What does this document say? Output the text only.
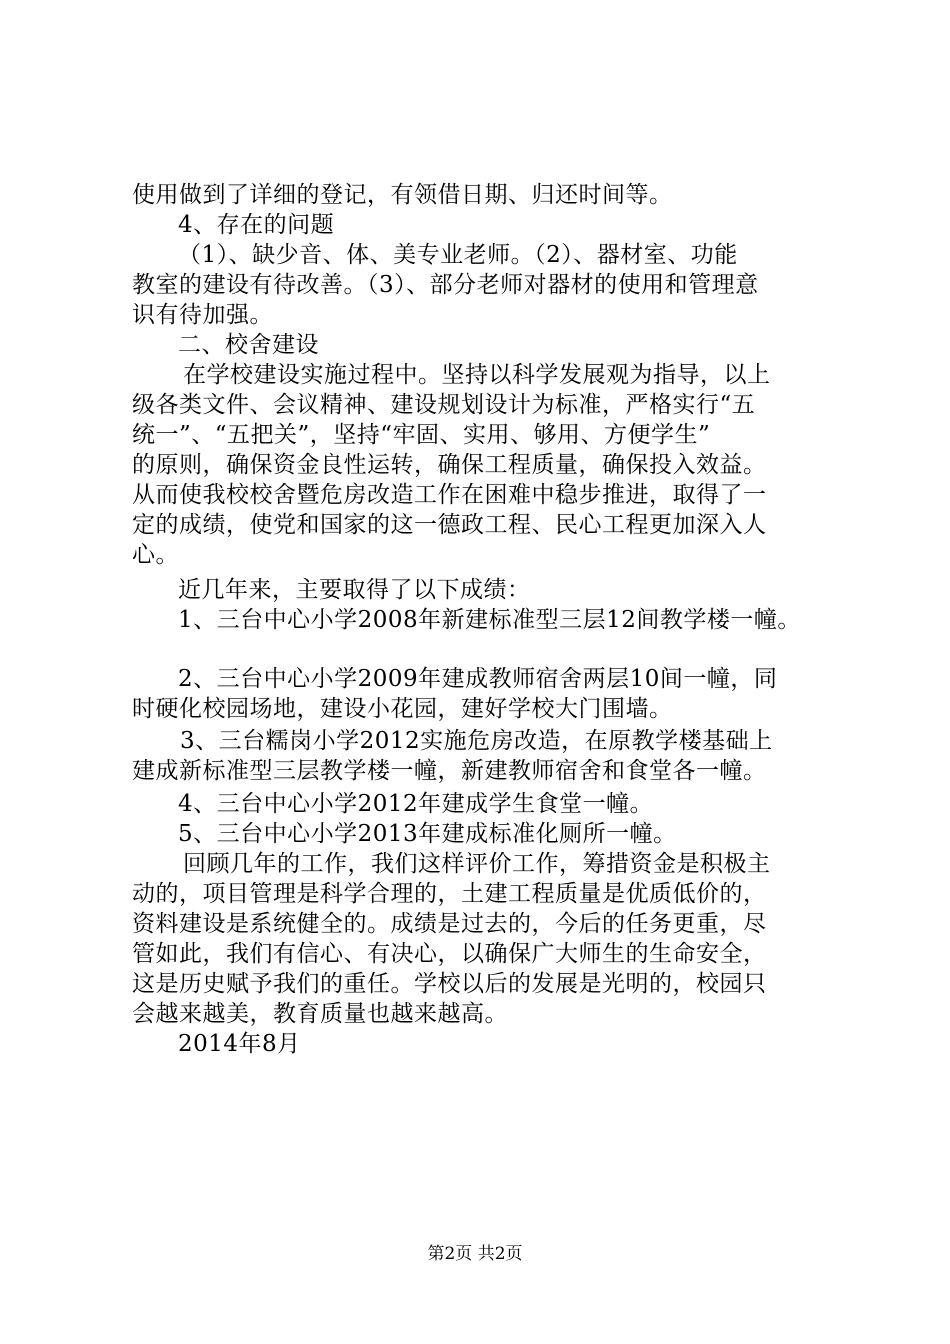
使用做到了详细的登记，有领借日期、归还时间等。
4、存在的问题
（1）、缺少音、体、美专业老师。（2）、器材室、功能
教室的建设有待改善。（3）、部分老师对器材的使用和管理意
识有待加强。
二、校舍建设
在学校建设实施过程中。坚持以科学发展观为指导，以上
级各类文件、会议精神、建设规划设计为标准，严格实行“五
统一”、“五把关”，坚持“牢固、实用、够用、方便学生”
的原则，确保资金良性运转，确保工程质量，确保投入效益。
从而使我校校舍暨危房改造工作在困难中稳步推进，取得了一
定的成绩，使党和国家的这一德政工程、民心工程更加深入人
心。
近几年来，主要取得了以下成绩：
1、三台中心小学2008年新建标准型三层12间教学楼一幢。
2、三台中心小学2009年建成教师宿舍两层10间一幢，同
时硬化校园场地，建设小花园，建好学校大门围墙。
3、三台糯岗小学2012实施危房改造，在原教学楼基础上
建成新标准型三层教学楼一幢，新建教师宿舍和食堂各一幢。
4、三台中心小学2012年建成学生食堂一幢。
5、三台中心小学2013年建成标准化厕所一幢。
回顾几年的工作，我们这样评价工作，筹措资金是积极主
动的，项目管理是科学合理的，土建工程质量是优质低价的，
资料建设是系统健全的。成绩是过去的，今后的任务更重，尽
管如此，我们有信心、有决心，以确保广大师生的生命安全，
这是历史赋予我们的重任。学校以后的发展是光明的，校园只
会越来越美，教育质量也越来越高。
2014年8月
第2页 共2页
